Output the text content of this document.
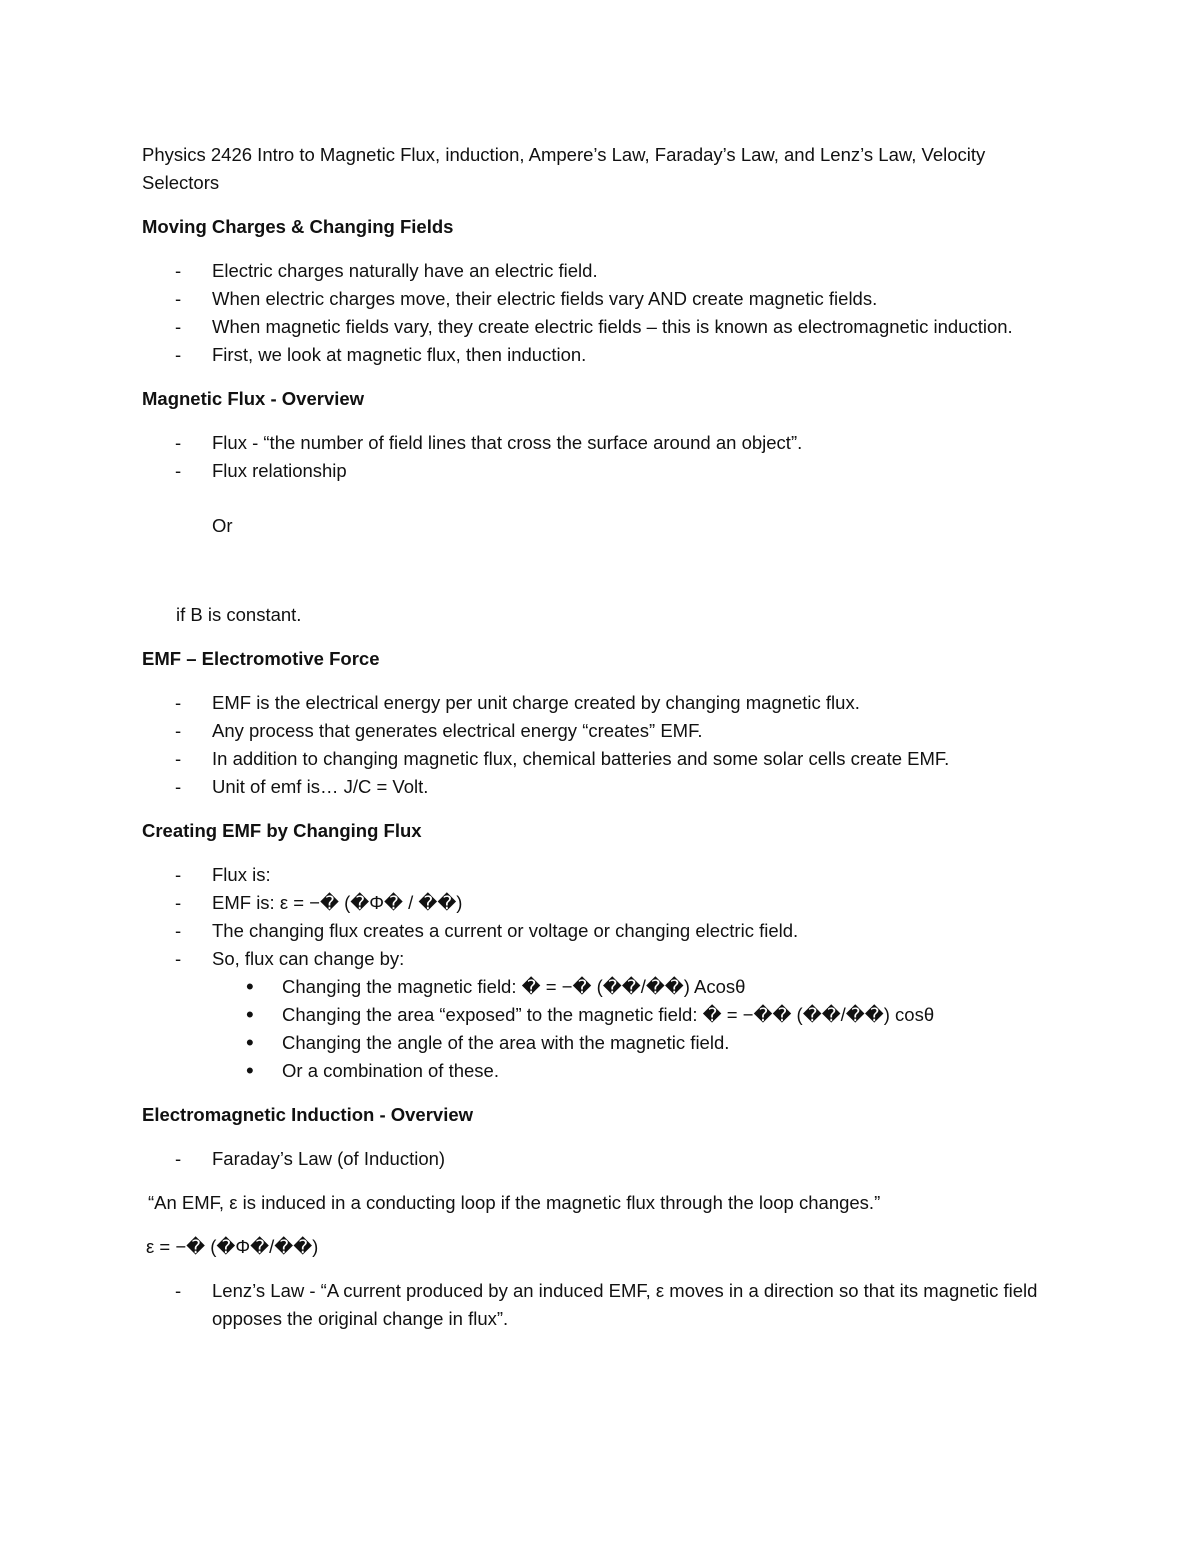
Physics 2426 Intro to Magnetic Flux, induction, Ampere’s Law, Faraday’s Law, and Lenz’s Law, Velocity Selectors

Moving Charges & Changing Fields

- Electric charges naturally have an electric field.
- When electric charges move, their electric fields vary AND create magnetic fields.
- When magnetic fields vary, they create electric fields – this is known as electromagnetic induction.
- First, we look at magnetic flux, then induction.

Magnetic Flux - Overview

- Flux - “the number of field lines that cross the surface around an object”.
- Flux relationship

Or

if B is constant.

EMF – Electromotive Force

- EMF is the electrical energy per unit charge created by changing magnetic flux.
- Any process that generates electrical energy “creates” EMF.
- In addition to changing magnetic flux, chemical batteries and some solar cells create EMF.
- Unit of emf is… J/C = Volt.

Creating EMF by Changing Flux

- Flux is:
- EMF is: ε = −� (�Φ� / ��)
- The changing flux creates a current or voltage or changing electric field.
- So, flux can change by:
• Changing the magnetic field: � = −� (��/��) Acosθ
• Changing the area “exposed” to the magnetic field: � = −�� (��/��) cosθ
• Changing the angle of the area with the magnetic field.
• Or a combination of these.

Electromagnetic Induction - Overview

- Faraday’s Law (of Induction)

“An EMF, ε is induced in a conducting loop if the magnetic flux through the loop changes.”

ε = −� (�Φ�/��)

- Lenz’s Law - “A current produced by an induced EMF, ε moves in a direction so that its magnetic field opposes the original change in flux”.
